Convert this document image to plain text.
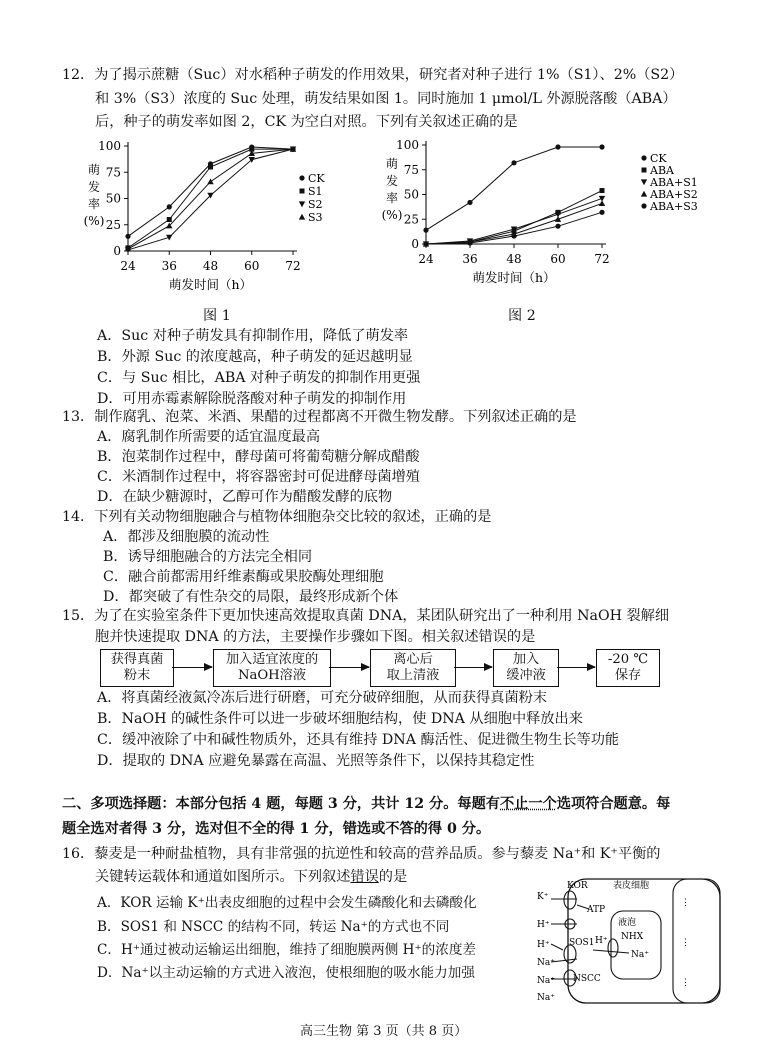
12．为了揭示蔗糖（Suc）对水稻种子萌发的作用效果，研究者对种子进行 1%（S1）、2%（S2）
和 3%（S3）浓度的 Suc 处理，萌发结果如图 1。同时施加 1 μmol/L 外源脱落酸（ABA）
后，种子的萌发率如图 2，CK 为空白对照。下列有关叙述正确的是
0
25
50
75
100
24 36 48 60 72
萌
发
率
(%)
萌发时间（h）
CK
S1
S2
S3
0
25
50
75
100
24 36 48 60 72
萌
发
率
(%)
萌发时间（h）
CK
ABA
ABA+S1
ABA+S2
ABA+S3
图 1	图 2
A．Suc 对种子萌发具有抑制作用，降低了萌发率
B．外源 Suc 的浓度越高，种子萌发的延迟越明显
C．与 Suc 相比，ABA 对种子萌发的抑制作用更强
D．可用赤霉素解除脱落酸对种子萌发的抑制作用
13．制作腐乳、泡菜、米酒、果醋的过程都离不开微生物发酵。下列叙述正确的是
A．腐乳制作所需要的适宜温度最高
B．泡菜制作过程中，酵母菌可将葡萄糖分解成醋酸
C．米酒制作过程中，将容器密封可促进酵母菌增殖
D．在缺少糖源时，乙醇可作为醋酸发酵的底物
14．下列有关动物细胞融合与植物体细胞杂交比较的叙述，正确的是
A．都涉及细胞膜的流动性
B．诱导细胞融合的方法完全相同
C．融合前都需用纤维素酶或果胶酶处理细胞
D．都突破了有性杂交的局限，最终形成新个体
15．为了在实验室条件下更加快速高效提取真菌 DNA，某团队研究出了一种利用 NaOH 裂解细
胞并快速提取 DNA 的方法，主要操作步骤如下图。相关叙述错误的是
获得真菌
粉末
加入适宜浓度的
NaOH溶液
离心后
取上清液
加入
缓冲液
-20 ℃
保存
A．将真菌经液氮冷冻后进行研磨，可充分破碎细胞，从而获得真菌粉末
B．NaOH 的碱性条件可以进一步破坏细胞结构，使 DNA 从细胞中释放出来
C．缓冲液除了中和碱性物质外，还具有维持 DNA 酶活性、促进微生物生长等功能
D．提取的 DNA 应避免暴露在高温、光照等条件下，以保持其稳定性
二、多项选择题：本部分包括 4 题，每题 3 分，共计 12 分。每题有不止一个选项符合题意。每
题全选对者得 3 分，选对但不全的得 1 分，错选或不答的得 0 分。
16．藜麦是一种耐盐植物，具有非常强的抗逆性和较高的营养品质。参与藜麦 Na⁺和 K⁺平衡的
关键转运载体和通道如图所示。下列叙述错误的是
A．KOR 运输 K⁺出表皮细胞的过程中会发生磷酸化和去磷酸化
B．SOS1 和 NSCC 的结构不同，转运 Na⁺的方式也不同
C．H⁺通过被动运输运出细胞，维持了细胞膜两侧 H⁺的浓度差
D．Na⁺以主动运输的方式进入液泡，使根细胞的吸水能力加强
⋮
⋮
⋮
表皮细胞
液泡
KOR
K⁺
ATP
H⁺
SOS1
H⁺
Na⁺
H⁺ NHX
Na⁺
NSCC
Na⁺
Na⁺
高三生物 第 3 页（共 8 页）
